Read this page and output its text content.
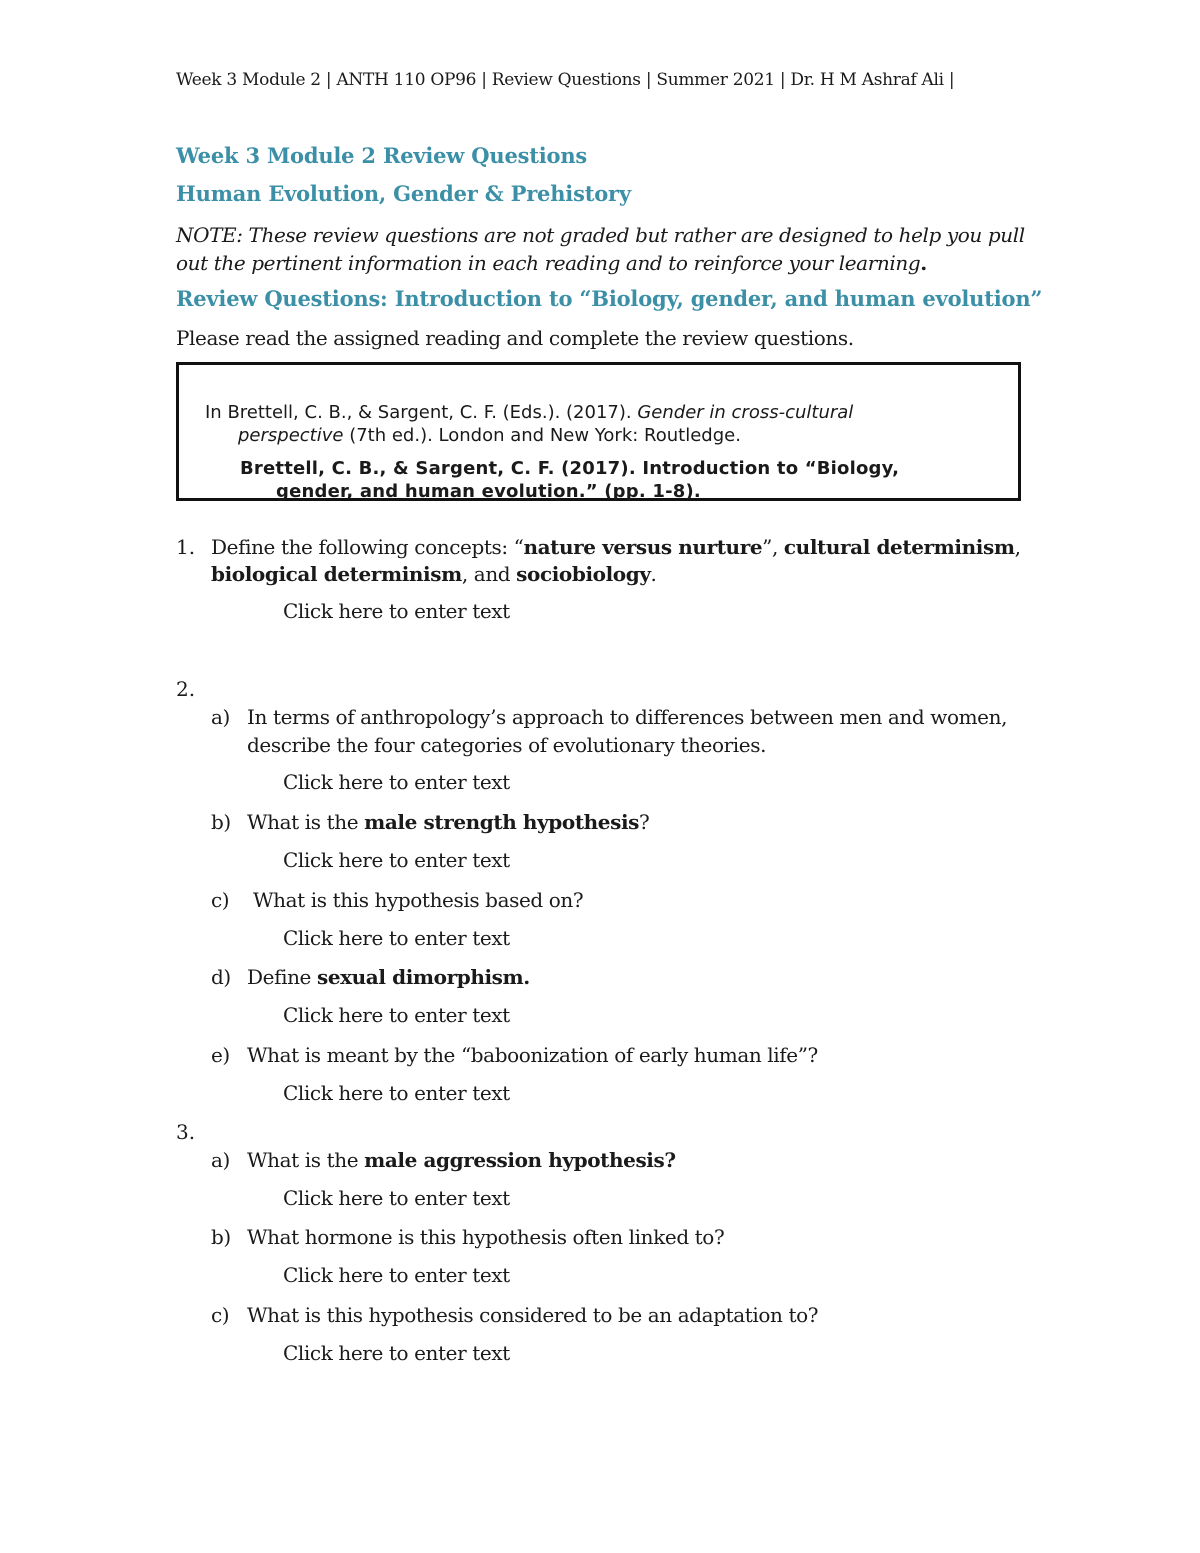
Week 3 Module 2 | ANTH 110 OP96 | Review Questions | Summer 2021 | Dr. H M Ashraf Ali |
Week 3 Module 2 Review Questions
Human Evolution, Gender & Prehistory
NOTE: These review questions are not graded but rather are designed to help you pull
out the pertinent information in each reading and to reinforce your learning.
Review Questions: Introduction to “Biology, gender, and human evolution”
Please read the assigned reading and complete the review questions.
In Brettell, C. B., & Sargent, C. F. (Eds.). (2017). Gender in cross-cultural
perspective (7th ed.). London and New York: Routledge.
Brettell, C. B., & Sargent, C. F. (2017). Introduction to “Biology,
gender, and human evolution.” (pp. 1-8).
1. Define the following concepts: “nature versus nurture”, cultural determinism,
biological determinism, and sociobiology.
Click here to enter text
2.
a) In terms of anthropology’s approach to differences between men and women,
describe the four categories of evolutionary theories.
Click here to enter text
b) What is the male strength hypothesis?
Click here to enter text
c) What is this hypothesis based on?
Click here to enter text
d) Define sexual dimorphism.
Click here to enter text
e) What is meant by the “baboonization of early human life”?
Click here to enter text
3.
a) What is the male aggression hypothesis?
Click here to enter text
b) What hormone is this hypothesis often linked to?
Click here to enter text
c) What is this hypothesis considered to be an adaptation to?
Click here to enter text
